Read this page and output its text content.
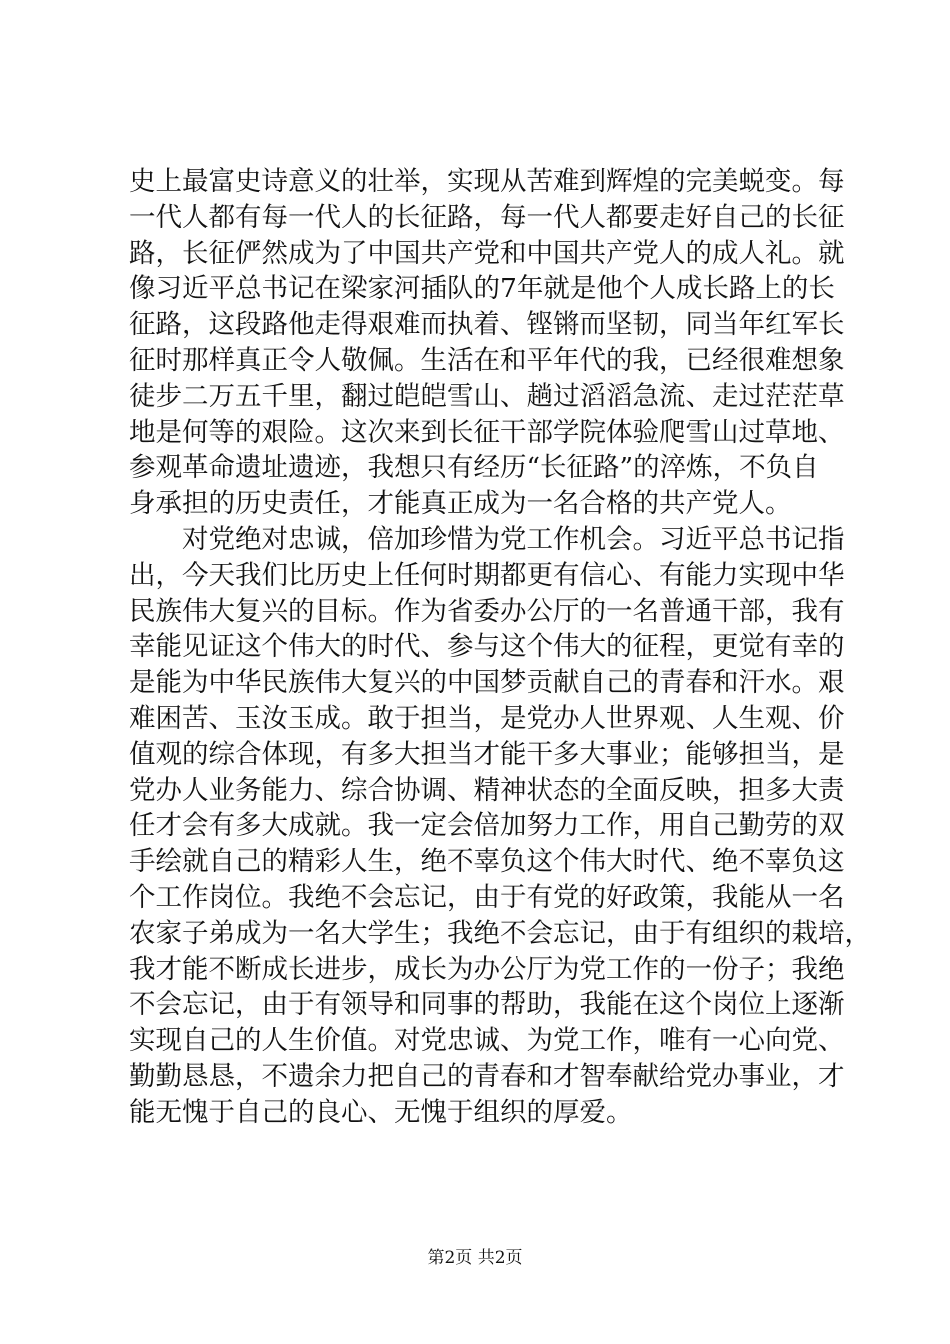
史上最富史诗意义的壮举，实现从苦难到辉煌的完美蜕变。每
一代人都有每一代人的长征路，每一代人都要走好自己的长征
路，长征俨然成为了中国共产党和中国共产党人的成人礼。就
像习近平总书记在梁家河插队的7年就是他个人成长路上的长
征路，这段路他走得艰难而执着、铿锵而坚韧，同当年红军长
征时那样真正令人敬佩。生活在和平年代的我，已经很难想象
徒步二万五千里，翻过皑皑雪山、趟过滔滔急流、走过茫茫草
地是何等的艰险。这次来到长征干部学院体验爬雪山过草地、
参观革命遗址遗迹，我想只有经历“长征路”的淬炼，不负自
身承担的历史责任，才能真正成为一名合格的共产党人。
对党绝对忠诚，倍加珍惜为党工作机会。习近平总书记指
出，今天我们比历史上任何时期都更有信心、有能力实现中华
民族伟大复兴的目标。作为省委办公厅的一名普通干部，我有
幸能见证这个伟大的时代、参与这个伟大的征程，更觉有幸的
是能为中华民族伟大复兴的中国梦贡献自己的青春和汗水。艰
难困苦、玉汝玉成。敢于担当，是党办人世界观、人生观、价
值观的综合体现，有多大担当才能干多大事业；能够担当，是
党办人业务能力、综合协调、精神状态的全面反映，担多大责
任才会有多大成就。我一定会倍加努力工作，用自己勤劳的双
手绘就自己的精彩人生，绝不辜负这个伟大时代、绝不辜负这
个工作岗位。我绝不会忘记，由于有党的好政策，我能从一名
农家子弟成为一名大学生；我绝不会忘记，由于有组织的栽培，
我才能不断成长进步，成长为办公厅为党工作的一份子；我绝
不会忘记，由于有领导和同事的帮助，我能在这个岗位上逐渐
实现自己的人生价值。对党忠诚、为党工作，唯有一心向党、
勤勤恳恳，不遗余力把自己的青春和才智奉献给党办事业，才
能无愧于自己的良心、无愧于组织的厚爱。
第2页 共2页
